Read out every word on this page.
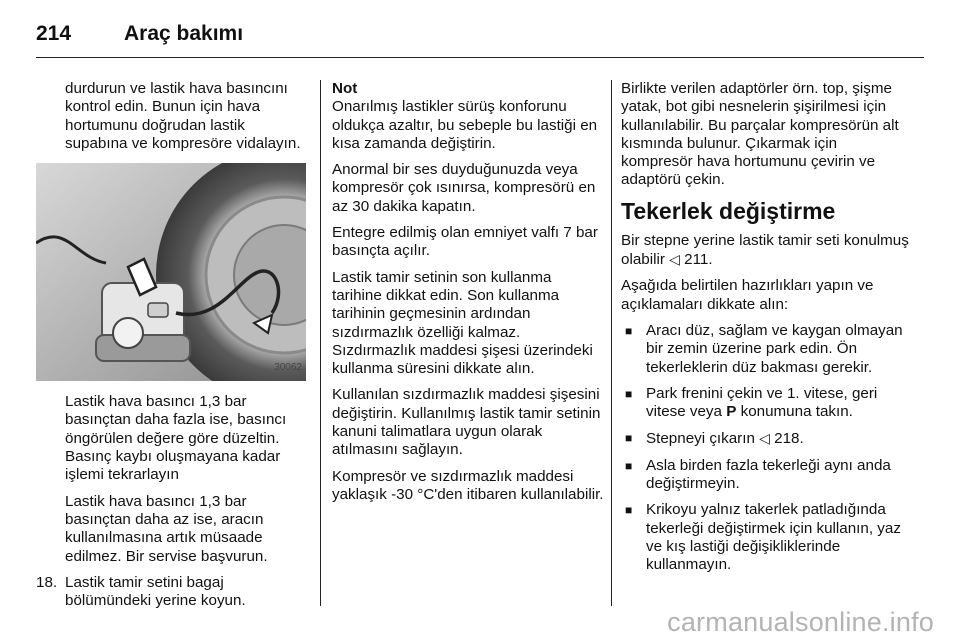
214	Araç bakımı

durdurun ve lastik hava basıncını kontrol edin. Bunun için hava hortumunu doğrudan lastik supabına ve kompresöre vidalayın.

30062

Lastik hava basıncı 1,3 bar basınçtan daha fazla ise, basıncı öngörülen değere göre düzeltin. Basınç kaybı oluşmayana kadar işlemi tekrarlayın

Lastik hava basıncı 1,3 bar basınçtan daha az ise, aracın kullanılmasına artık müsaade edilmez. Bir servise başvurun.

18. Lastik tamir setini bagaj bölümündeki yerine koyun.
Not
Onarılmış lastikler sürüş konforunu oldukça azaltır, bu sebeple bu lastiği en kısa zamanda değiştirin.

Anormal bir ses duyduğunuzda veya kompresör çok ısınırsa, kompresörü en az 30 dakika kapatın.

Entegre edilmiş olan emniyet valfı 7 bar basınçta açılır.

Lastik tamir setinin son kullanma tarihine dikkat edin. Son kullanma tarihinin geçmesinin ardından sızdırmazlık özelliği kalmaz. Sızdırmazlık maddesi şişesi üzerindeki kullanma süresini dikkate alın.

Kullanılan sızdırmazlık maddesi şişesini değiştirin. Kullanılmış lastik tamir setinin kanuni talimatlara uygun olarak atılmasını sağlayın.

Kompresör ve sızdırmazlık maddesi yaklaşık -30 °C'den itibaren kullanılabilir.

Birlikte verilen adaptörler örn. top, şişme yatak, bot gibi nesnelerin şişirilmesi için kullanılabilir. Bu parçalar kompresörün alt kısmında bulunur. Çıkarmak için kompresör hava hortumunu çevirin ve adaptörü çekin.

Tekerlek değiştirme

Bir stepne yerine lastik tamir seti konulmuş olabilir ◁ 211.

Aşağıda belirtilen hazırlıkları yapın ve açıklamaları dikkate alın:

■ Aracı düz, sağlam ve kaygan olmayan bir zemin üzerine park edin. Ön tekerleklerin düz bakması gerekir.
■ Park frenini çekin ve 1. vitese, geri vitese veya P konumuna takın.
■ Stepneyi çıkarın ◁ 218.
■ Asla birden fazla tekerleği aynı anda değiştirmeyin.
■ Krikoyu yalnız takerlek patladığında tekerleği değiştirmek için kullanın, yaz ve kış lastiği değişikliklerinde kullanmayın.
carmanualsonline.info
